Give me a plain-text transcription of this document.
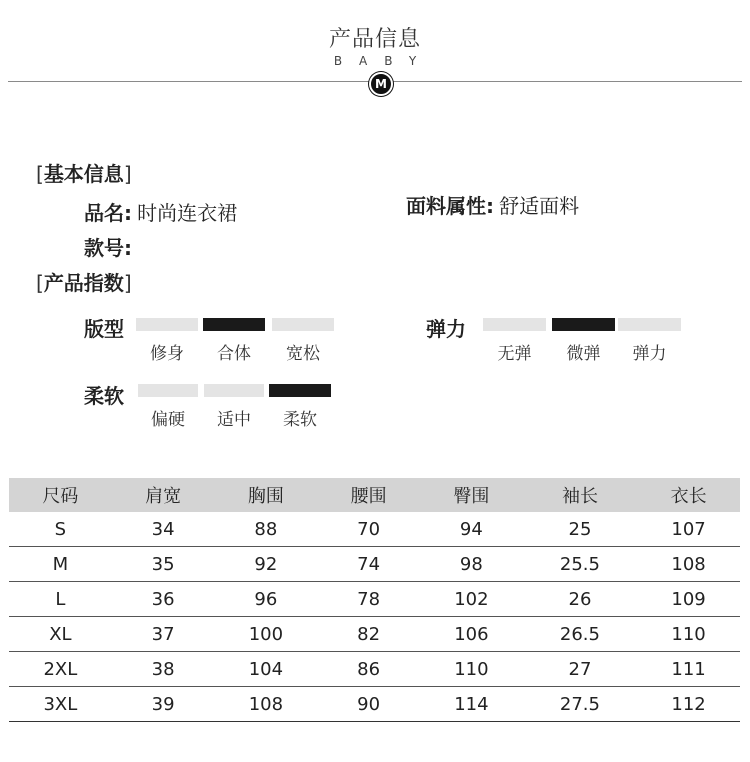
产品信息
BABY
M
[基本信息]
品名: 时尚连衣裙
款号:
面料属性: 舒适面料
[产品指数]
版型
修身	合体	宽松
弹力
无弹	微弹	弹力
柔软
偏硬	适中	柔软
尺码	肩宽	胸围	腰围	臀围	袖长	衣长
S	34	88	70	94	25	107
M	35	92	74	98	25.5	108
L	36	96	78	102	26	109
XL	37	100	82	106	26.5	110
2XL	38	104	86	110	27	111
3XL	39	108	90	114	27.5	112
